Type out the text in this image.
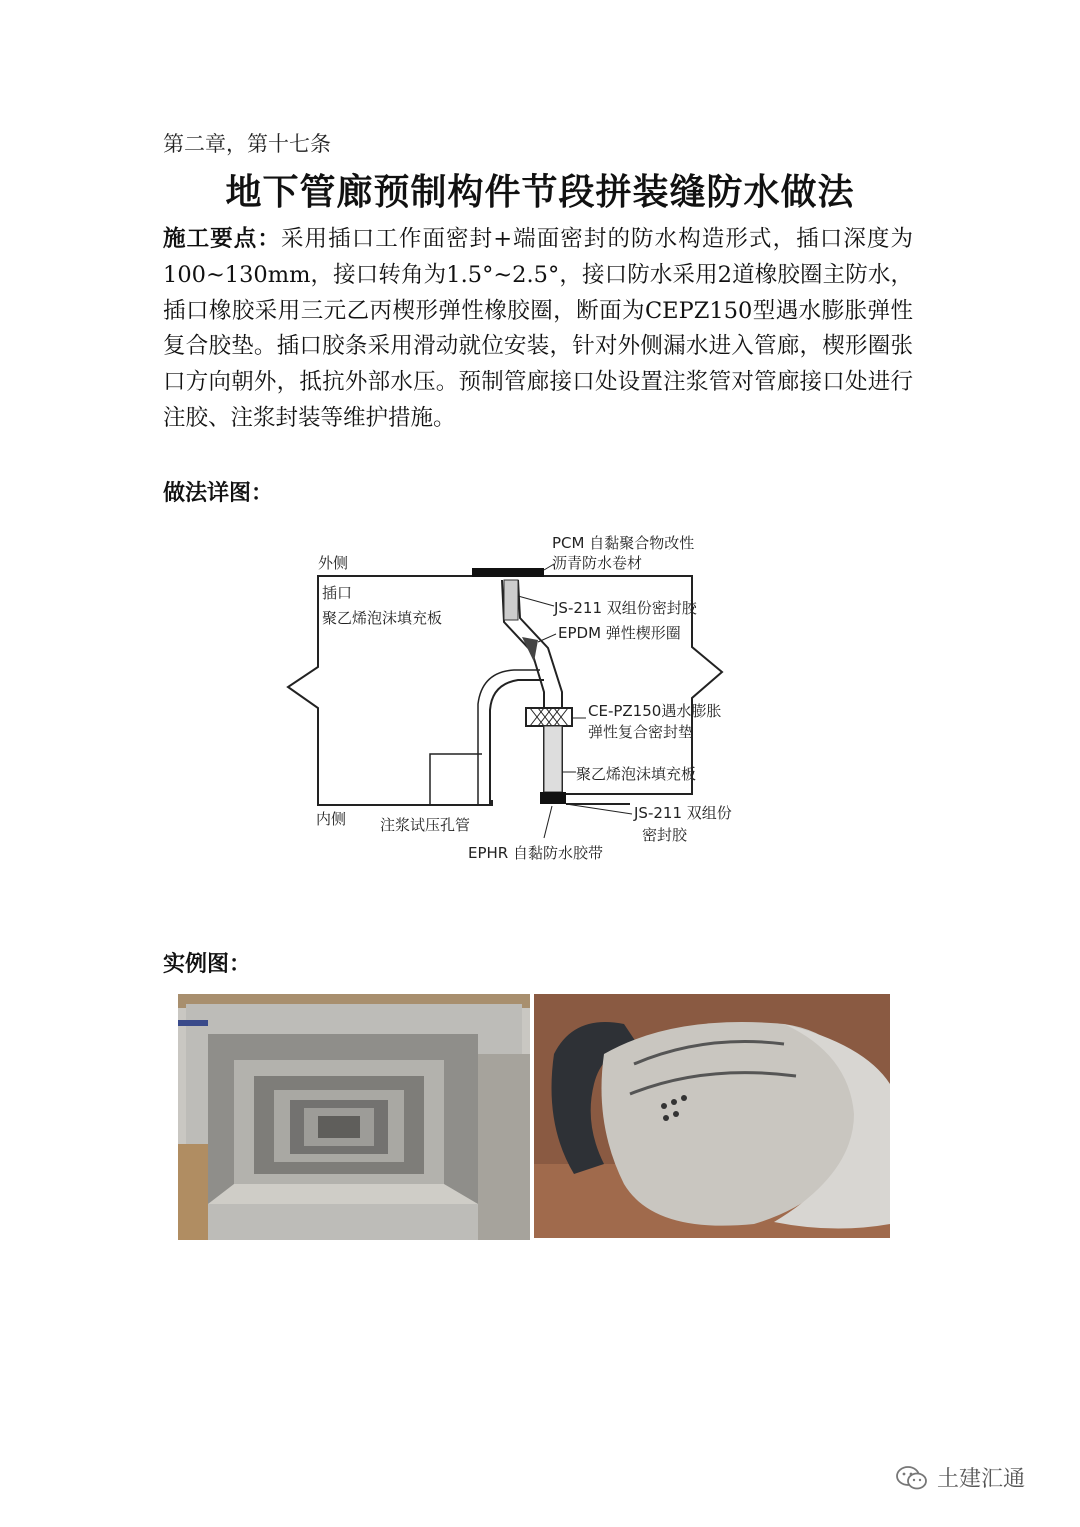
第二章，第十七条
地下管廊预制构件节段拼装缝防水做法
施工要点：采用插口工作面密封+端面密封的防水构造形式，插口深度为100~130mm，接口转角为1.5°~2.5°，接口防水采用2道橡胶圈主防水，插口橡胶采用三元乙丙楔形弹性橡胶圈，断面为CEPZ150型遇水膨胀弹性复合胶垫。插口胶条采用滑动就位安装，针对外侧漏水进入管廊，楔形圈张口方向朝外，抵抗外部水压。预制管廊接口处设置注浆管对管廊接口处进行注胶、注浆封装等维护措施。
做法详图：
PCM 自黏聚合物改性
沥青防水卷材
外侧
插口
聚乙烯泡沫填充板
JS-211 双组份密封胶
EPDM 弹性楔形圈
CE-PZ150遇水膨胀
弹性复合密封垫
聚乙烯泡沫填充板
JS-211 双组份
密封胶
内侧 注浆试压孔管
EPHR 自黏防水胶带
实例图：
土建汇通
